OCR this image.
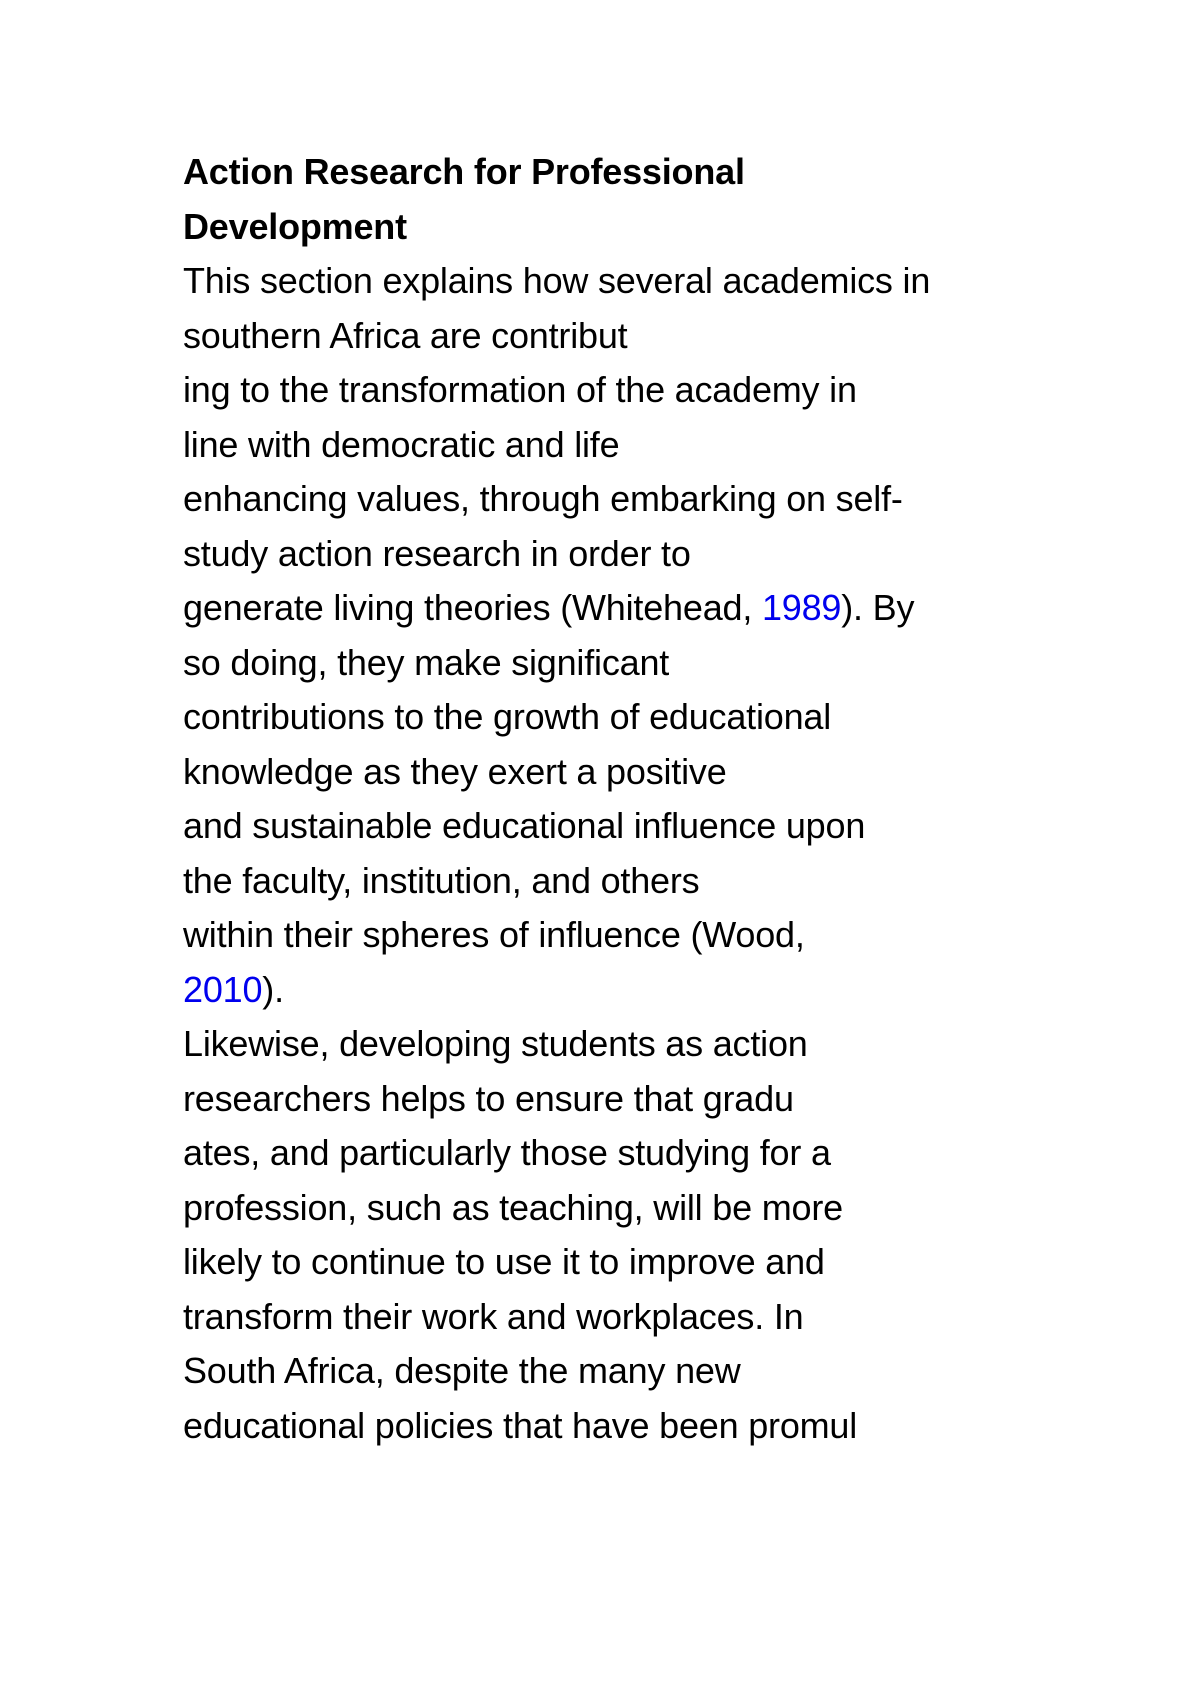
Action Research for Professional
Development
This section explains how several academics in
southern Africa are contribut
ing to the transformation of the academy in
line with democratic and life
enhancing values, through embarking on self-
study action research in order to
generate living theories (Whitehead, 1989). By
so doing, they make significant
contributions to the growth of educational
knowledge as they exert a positive
and sustainable educational influence upon
the faculty, institution, and others
within their spheres of influence (Wood,
2010).
Likewise, developing students as action
researchers helps to ensure that gradu
ates, and particularly those studying for a
profession, such as teaching, will be more
likely to continue to use it to improve and
transform their work and workplaces. In
South Africa, despite the many new
educational policies that have been promul
